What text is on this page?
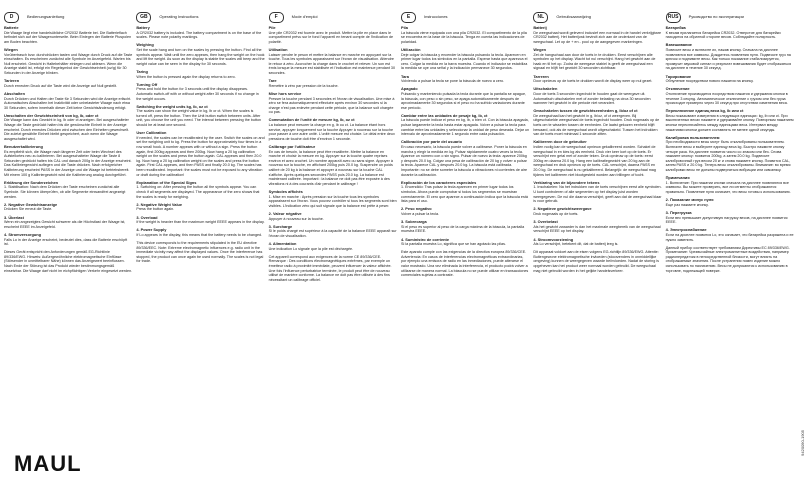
D	Bedienungsanleitung

Batterie

Die Waage liegt eine handelsübliche CR2032 Batterie bei. Die Batterieflach befindet sich auf der Waagenunterseite. Beim Einlegen der Batterie Pluspolen am Boden beachten.

Wiegen

Vorübertrasch bzw. durchdrücken tasten und Waage durch Druck auf die Taste einschalten. Es erscheinen zunächst alle Symbole im Anzeigefeld. Warten bis Null erscheint. Gewicht in Haltebehälter einlegen und ablesen. Wenn die Anzeige stabil ist, erfolgt ein Regelsymbol der Gewichtseinheit (oz/g) für 30 Sekunden in der Anzeige blinken.

Tarieren

Durch erneuten Druck auf die Taste wird die Anzeige auf Null gestellt.

Abschalten

Durch Drücken und Halten der Taste für 3 Sekunden wird die Anzeige erlischt. Automatisches Abschalten bei Inaktivität oder unbelasteter Waage nach etwa 30 Sekunden, sofern innerhalb dieser Zeit keine Gewichtsänderung erfolgt.

Umschalten der Gewichtseinheit von kg, lb, oder ct

Die Waage kann das Gewicht in kg, lb oder ct anzeigen. Bei ausgeschalteter Waage die Taste gedrückt halten bis die gewünschte Einheit in der Anzeige erscheint. Durch erneutes Drücken wird zwischen den Einheiten gewechselt. Die zuletzt gewählte Einheit bleibt gespeichert, auch wenn die Waage ausgeschaltet wird.

Benutzerkalibrierung

Es empfiehlt sich, die Waage nach längerer Zeit oder beim Wechsel des Aufstellortes neu zu kalibrieren. Bei ausgeschalteter Waage die Taste 8 Sekunden gedrückt halten bis CAL und danach 200g in der Anzeige erscheint. Das Kalibriergewicht auflegen und die Taste drücken. Nach erfolgreicher Kalibrierung erscheint PASS in der Anzeige und die Waage ist betriebsbereit. Mit einem 100 g Kalibriergewicht wird die Kalibrierung analog durchgeführt.

Erklärung der Sonderzeichen

1. Stabilisation: Nach dem Drücken der Taste erscheinen zunächst alle Symbole. Sie können überprüfen, ob alle Segmente einwandfrei angezeigt werden.

2. Negative Gewichtsanzeige

Drücken Sie erneut die Taste.

3. Überlast

Wenn ein angezeigtes Gewicht schwerer als die Höchstlast der Waage ist, erscheint EEEE im Anzeigefeld.

4. Stromversorgung

Falls Lo in der Anzeige erscheint, bedeutet dies, dass die Batterie erschöpft ist.

Dieses Gerät entspricht den Anforderungen gemäß EG-Richtlinie 89/336/EWG. Hinweis: Außergewöhnliche elektromagnetische Einflüsse (Störsender in unmittelbarer Nähe) können das Anzeigewert beeinflussen. Nach Ende der Störung ist das Produkt wieder bestimmungsgemäß einsetzbar. Die Waage darf nicht im eichpflichtigen Verkehr eingesetzt werden.

GB	Operating Instructions

Battery

A CR2032 battery is included. The battery compartment is on the base of the scales. Please note polarity markings.

Weighing

Set the scale hang and turn on the scales by pressing the button. Find all the symbols appear. Wait until the zero appears, then hang the weight on the hook and lift the weight. As soon as the display is stable the scales will beep and the weight value can be seen in the display for 30 seconds.

Taring

When the button is pressed again the display returns to zero.

Turning Off

Press and hold the button for 3 seconds until the display disappears. Automatic switch-off with or without weight after 30 seconds if no change in the weight occurs.

Switching the weight units kg, lb, oz ct

The scales can show the weight value in kg, lb or ct. When the scales is turned off, press the button. Then the Unit button switch between units. After unit, you choose the unit you need. The interval between pressing the button should be at least one second.

User Calibration

If needed, the scales can be recalibrated by the user. Switch the scales on and set the weighing unit to kg. Press the button for approximately four times in a row small hook. A number appears with or without a sign. Press the button again, first 200kg appears and then 200kg. Now hang a 20 kg calibration weight on the scales and press the button again. CAL appears and then 20.0 kg. Now hang a 20 kg calibration weight on the scales and press the button again. First CAL appears, and then PASS and finally 20.0 kg. The scales has been recalibrated. Important: the scales must not be exposed to any vibration or draft during the calibration!

Explanation of the Special Signs

1. Switching on: After pressing the button all the symbols appear. You can check if all segments are displayed. The appearance of the zero shows that the scales is ready for weighing.

2. Negative Weight Value

Press the button again.

3. Overload

If the weight is heavier than the maximum weight EEEE appears in the display.

4. Power Supply

If Lo appears in the display, this means that the battery needs to be changed.

This device corresponds to the requirements stipulated in the EU directive 89/336/EEC. Note: Extreme electromagnetic influences e.g. radio unit in the immediate vicinity may affect the displayed values. Once the interference has stopped, the product can once again be used normally. The scales is not legal for trade.

F	Mode d'emploi

Pile

Une pile CR2032 est fournie avec le produit. Mettre la pile en place dans le compartiment prévu sur le fond l'appareil en tenant compte de l'indication de polarité.

Utilisation

Laisser pendre le peson et mettre la balance en marche en appuyant sur la touche. Tous les symboles apparaissent sur l'écran de visualisation. Attendre le retour à zéro. Accrocher la charge dans le crochet et relever. Un son est émis lorsque la mesure est stabilisée et l'indication est maintenue pendant 30 secondes.

Tare

Remettre à zéro par pression de la touche.

Mise hors service

Presser la touche pendant 3 secondes et l'écran de visualisation. Une mise à zéro se fera automatiquement effectuée après environ 30 secondes si la charge n'est pas enlevée pendant cette période, que la balance soit chargée ou pas.

Commutation de l'unité de mesure kg, lb, oz ct

La balance peut mesurer la charge en g, lb ou ct. La balance étant hors service, appuyer longuement sur la touche Appuyer à nouveau sur la touche pour passer à une autre unité. L'unité mesure est choisie. Le délai entre deux pressions de touche doit être d'environ 1 seconde.

Calibrage par l'utilisateur

En cas de besoin, la balance peut être recalibrée. Mettre la balance en marche et choisir la mesure en kg. Appuyer sur la touche quatre reprises environ et avec crochet. Un nombre apparaît avec ou sans signe. Appuyer à nouveau sur la touche, en affichant 200kg puis 20.0 kg. Suspendre un poids calibré de 20 kg à la balance et appuyer à nouveau sur la touche CAL s'affiche. Après quelques secondes PASS puis 20.0 kg. La balance est maintenant calibrée. Important : la balance ne doit pas être exposée à des vibrations ni à des courants d'air pendant le calibrage !

Symboles affichés

1. Mise en marche : Après pression sur la touche tous les symboles apparaissent sur l'écran. Vous pouvez contrôler si tous les segments sont bien visibles. L'indication zéro qui suit signale que la balance est prête à peser.

2. Valeur négative

Appuyer à nouveau sur la touche.

3. Surcharge

Si le poids chargé est supérieur à la capacité de la balance EEEE apparaît sur l'écran de visualisation.

4. Alimentation

Une indication Lo signale que la pile est déchargée.

Cet appareil correspond aux exigences de la norme CE 89/336/CEE. Remarque : Des conditions électromagnétiques extrêmes, par exemple un émetteur radio à proximité immédiate, peuvent influencer la valeur affichée. Une fois l'influence perturbatrice terminée, le produit peut être de nouveau utilisé de manière conforme. La balance ne doit pas être utilisée à des fins nécessitant un calibrage officiel.

E	Instrucciones

Pila

La báscula viene equipada con una pila CR2032. El compartimento de la pila se encuentra en la base de la báscula. Tenga en cuenta las indicaciones de polaridad.

Utilización

Deje colgar la báscula y encender la báscula pulsando la tecla. Aparecen en primer lugar todos los símbolos en la pantalla. Esperar hasta que aparezca el cero. Colgar la medida en la barra muestra. Cuando el indicador se estabiliza la medida se oye una señal y la indicación permanece 30 segundos.

Tara

Volviendo a pulsar la tecla se pone la báscula de nuevo a cero.

Apagado

Pulsando y manteniendo pulsada la tecla durante que la pantalla se apague, la báscula, con peso o sin peso, se apaga automáticamente después de aproximadamente 30 segundos si el peso no ha sufrido variaciones durante ese período.

Cambiar entre las unidades de pesaje kg, lb, ct

La báscula puede indicar el peso en kg, lb, o bien ct. Con la báscula apagada, pulsar largamente la tecla hasta estar apagada. Volver a pulsar la tecla para cambiar entre las unidades y seleccionar la unidad de peso deseada. Dejar un intervalo de aproximadamente 1 segundo entre cada pulsación.

Calibración por parte del usuario

En caso necesario, la báscula puede volver a calibrarse. Poner la báscula en marcha y elegir la medida en kg. Pulsar rápidamente cuatro veces la tecla. Aparece un número con o sin signo. Pulsar de nuevo la tecla: aparece 200kg y después 20.0 kg. Colgar una pesa de calibración de 20 kg y volver a pulsar la tecla. Aparece CAL y después 20.0 kg. La báscula está calibrada. Importante: no se debe someter la báscula a vibraciones ni corrientes de aire durante la calibración.

Explicación de los caracteres especiales

1. Encendido: Tras pulsar la tecla aparecen en primer lugar todos los símbolos. Ahora puede comprobar si todos los segmentos se muestran correctamente. El cero que aparece a continuación indica que la báscula está lista para el uso.

2. Peso negativo

Volver a pulsar la tecla.

3. Sobrecarga

Si el peso es superior al peso de la carga máxima de la báscula, la pantalla muestra EEEE.

4. Suministro de corriente

Si la pantalla muestra Lo, significa que se han agotado las pilas.

Este aparato cumple con las exigencias de la directiva europea 89/336/CEE. Advertencia: En casos de interferencias electromagnéticas extraordinarias, por ejemplo una emisora de radio en las inmediaciones, puede alterarse el valor mostrado. Una vez eliminada la interferencia, el producto podrá volver a utilizarse de manera normal. La báscula no se puede utilizar en transacciones comerciales sujetas a contraste.

NL	Gebruiksaanwijzing

Batterij

De weegschaal wordt geleverd inclusief een normaal in de handel verkrijgbare CR2032 batterij. Het batterijvak bevindt zich aan de onderkant van de weegschaal. Let op de + en - pool op de aangegeven markeringen.

Wegen

Zet de hangschaal aan door de toets in te drukken. Eerst verschijnen alle symbolen op het display. Wacht tot nul verschijnt. Hang het gewicht aan de haak en til het op. Zodra de weergave stabiel is geeft de weegschaal een signaal en blijft het gewicht 30 seconden zichtbaar.

Tarreren

Door opnieuw op de toets te drukken wordt de display weer op nul gezet.

Uitschakelen

Door de toets 3 seconden ingedrukt te houden gaat de weergave uit. Automatisch uitschakelen met of zonder belasting na circa 30 seconden wanneer het gewicht in die periode niet verandert.

Omschakelen tussen de gewichtseenheden g, lb/oz of ct

De weegschaal kan het gewicht in g, lb/oz, of ct weergeven. Bij uitgeschakelde weegschaal de toets ingedrukt houden. Druk nogmaals op de toets om te wisselen tussen de eenheden. De laatst gekozen eenheid blijft bewaard, ook als de weegschaal wordt uitgeschakeld. Tussen het indrukken van de toets moet minimaal 1 seconde zitten.

Kalibreren door de gebruiker

Indien nodig kan de weegschaal opnieuw gekalibreerd worden. Schakel de weegschaal in en kies kg als eenheid. Druk vier keer kort op de toets. Er verschijnt een getal met of zonder teken. Druk opnieuw op de toets: eerst 200kg en daarna 20.0 kg. Hang een kalibratiegewicht van 20 kg aan de weegschaal en druk opnieuw op de toets. CAL verschijnt, daarna PASS en 20.0 kg. De weegschaal is nu gekalibreerd. Belangrijk: de weegschaal mag tijdens het kalibreren niet blootgesteld worden aan trillingen of tocht.

Verklaring van de bijzondere tekens

1. Inschakelen: Na het indrukken van de toets verschijnen eerst alle symbolen. U kunt controleren of alle segmenten op het display juist worden weergegeven. De nul die daarna verschijnt, geeft aan dat de weegschaal klaar is voor gebruik.

2. Negatieve gewichtsweergave

Druk nogmaals op de toets.

3. Overbelast

Als het gewicht zwaarder is dan het maximale weegbereik van de weegschaal verschijnt EEEE op het display.

4. Stroomvoorziening

Als Lo verschijnt, betekent dit, dat de batterij leeg is.

Dit apparaat voldoet aan de eisen volgens EG-richtlijn 89/336/EWG. Attentie: Buitengewone elektromagnetische invloeden (stoorzenders in onmiddellijke omgeving) kunnen de weergegeven waarde beïnvloeden. Nadat de storing is opgeheven kan het product weer normaal worden gebruikt. De weegschaal mag niet gebruikt worden in het geijkte handelsverkeer.

RUS	Руководство по эксплуатации

Батарейка

К весам прилагается батарейка CR2032. Отверстие для батарейки находится на обратной стороне весов. Соблюдайте полярность.

Взвешивание

Повесьте весы и включите их, нажав кнопку. Сначала на дисплее появляются все символы. Дождитесь появления нуля. Подвесьте груз на крючок и поднимите весы. Как только показание стабилизируется, прозвучит звуковой сигнал и результат взвешивания будет отображаться на дисплее в течение 30 секунд.

Тарирование

Обнуление посредством нового нажатия на кнопку.

Отключение

Отключение производится посредством нажатия и удержания кнопки в течение 3 секунд. Автоматическое отключение с грузом или без груза происходит примерно через 30 секунд при отсутствии изменения веса.

Переключение единиц веса kg, lb или ct

Весы показывают измерения в следующих единицах: kg, lb или ct. При выключенных весах нажмите и удерживайте кнопку. Повторным нажатием кнопки переключайтесь между единицами веса. Интервал между нажатиями кнопки должен составлять не менее одной секунды.

Калибровка пользователем

При необходимости весы могут быть откалиброваны пользователем. Включите весы и выберите единицу веса kg. Быстро нажмите кнопку четыре раза. На дисплее появится число со знаком или без. Снова нажмите кнопку: появится 200kg, а затем 20.0 kg. Подвесьте калибровочный груз весом 20 кг и снова нажмите кнопку. Появится CAL, затем PASS и 20.0 kg. Теперь весы откалиброваны. Внимание: во время калибровки весы не должны подвергаться вибрации или сквозняку.

Примечания

1. Включение: При нажатии кнопки сначала на дисплее появляются все символы. Вы можете проверить, все ли сегменты отображаются правильно. Появление нуля означает, что весы готовы к использованию.

2. Показание минус нуля

Еще раз нажмите кнопку.

3. Перегрузка

Если вес превышает допустимую нагрузку весов, на дисплее появится EEEE.

4. Электроснабжение

Если на дисплее появится Lo, это означает, что батарейка разряжена и ее нужно заменить.

Данный прибор соответствует требованиям Директивы ЕС 89/336/EWG. Примечание: Чрезвычайные электромагнитные воздействия, например радиопередатчик в непосредственной близости, могут влиять на отображаемые значения. После устранения помех изделие можно использовать по назначению. Весы не допускаются к использованию в торговле, подлежащей поверке.

MAUL
9420090-1905
